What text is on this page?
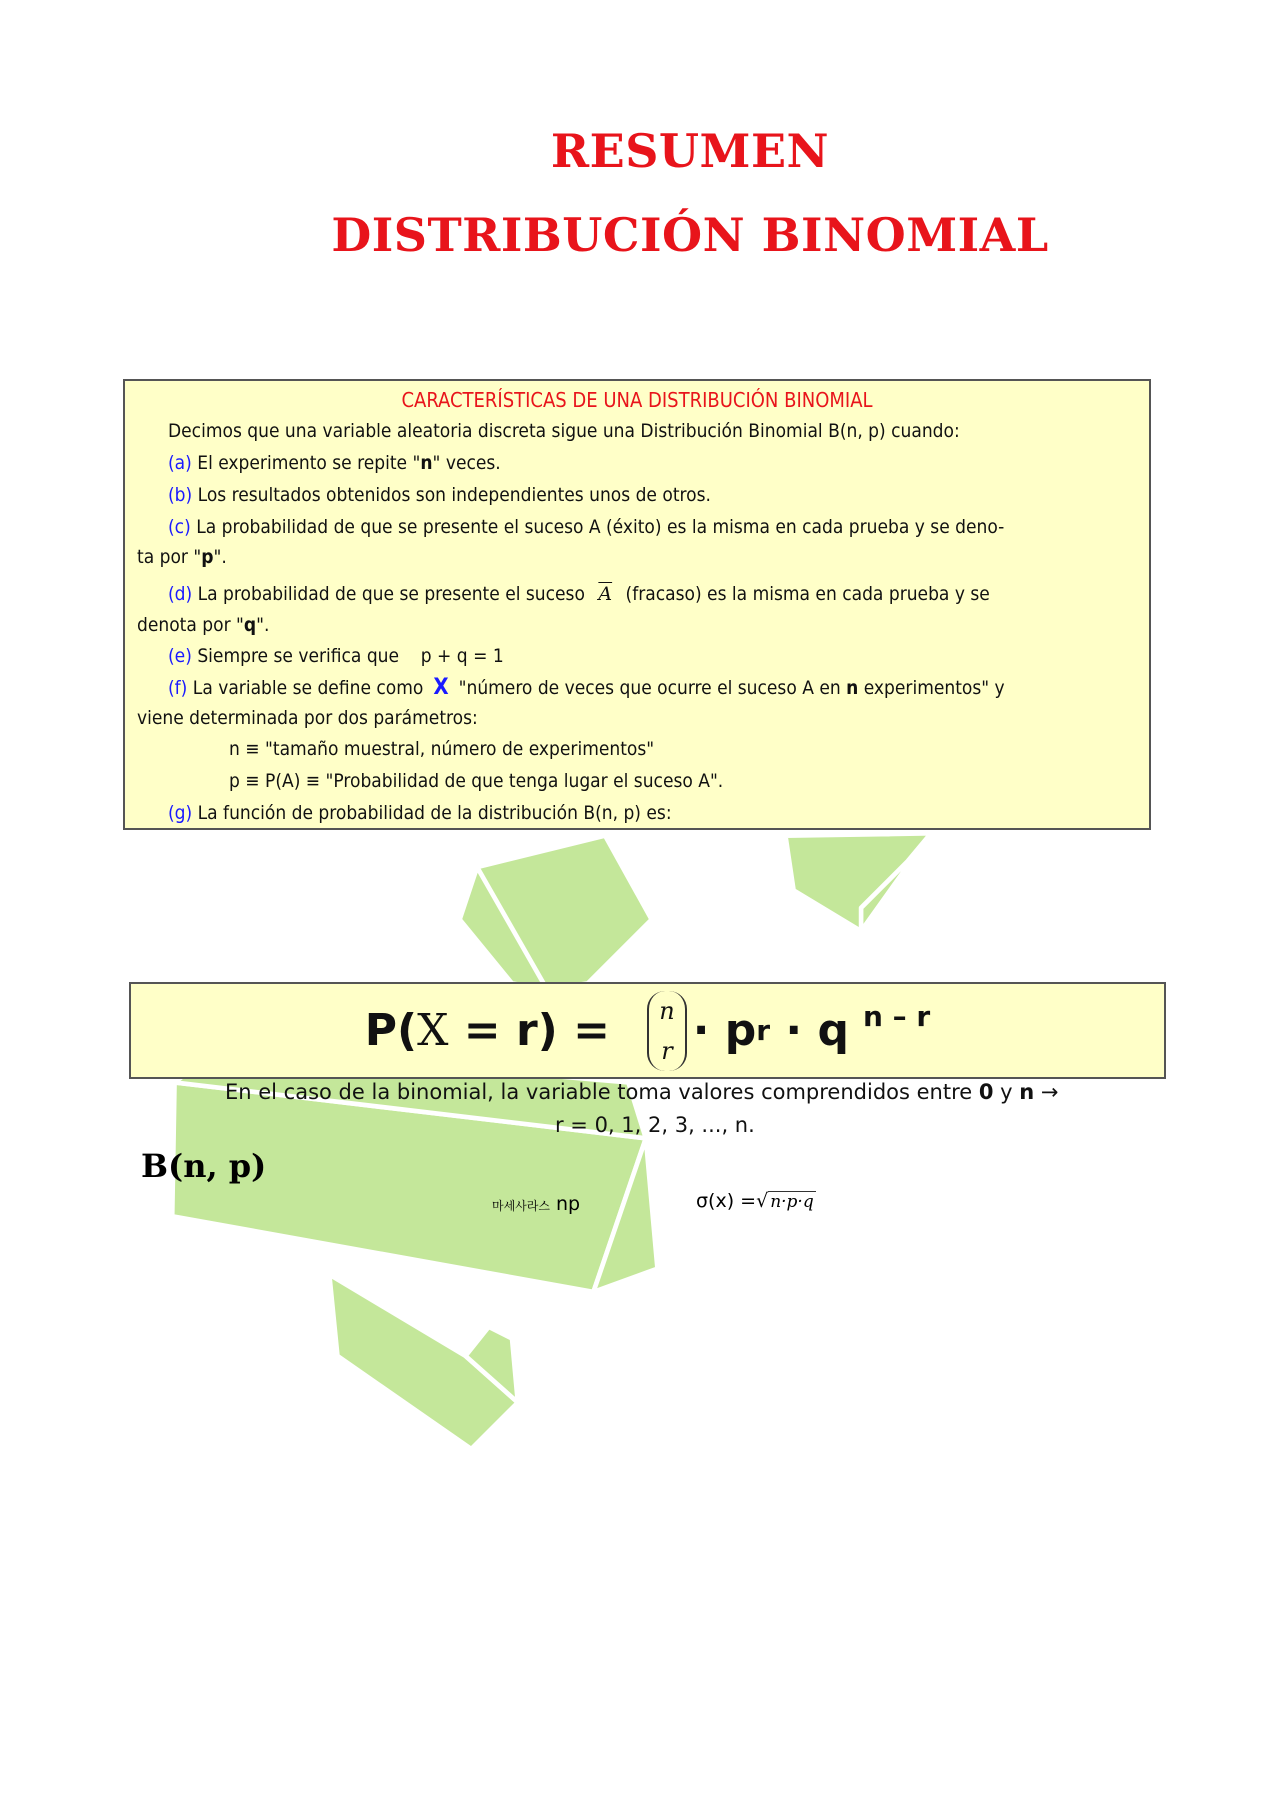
RESUMEN
DISTRIBUCIÓN BINOMIAL
CARACTERÍSTICAS DE UNA DISTRIBUCIÓN BINOMIAL
Decimos que una variable aleatoria discreta sigue una Distribución Binomial B(n, p) cuando:
(a) El experimento se repite "n" veces.
(b) Los resultados obtenidos son independientes unos de otros.
(c) La probabilidad de que se presente el suceso A (éxito) es la misma en cada prueba y se deno-
ta por "p".
(d) La probabilidad de que se presente el suceso $\overline{A}$ (fracaso) es la misma en cada prueba y se
denota por "q".
(e) Siempre se verifica que p + q = 1
(f) La variable se define como X "número de veces que ocurre el suceso A en n experimentos" y
viene determinada por dos parámetros:
n ≡ "tamaño muestral, número de experimentos"
p ≡ P(A) ≡ "Probabilidad de que tenga lugar el suceso A".
(g) La función de probabilidad de la distribución B(n, p) es:
P( X = r) = n
r · p r · q n – r
En el caso de la binomial, la variable toma valores comprendidos entre 0 y n →
r = 0, 1, 2, 3, ..., n.
B(n, p)
마세사라스 np	σ(x) =√ n·p·q
